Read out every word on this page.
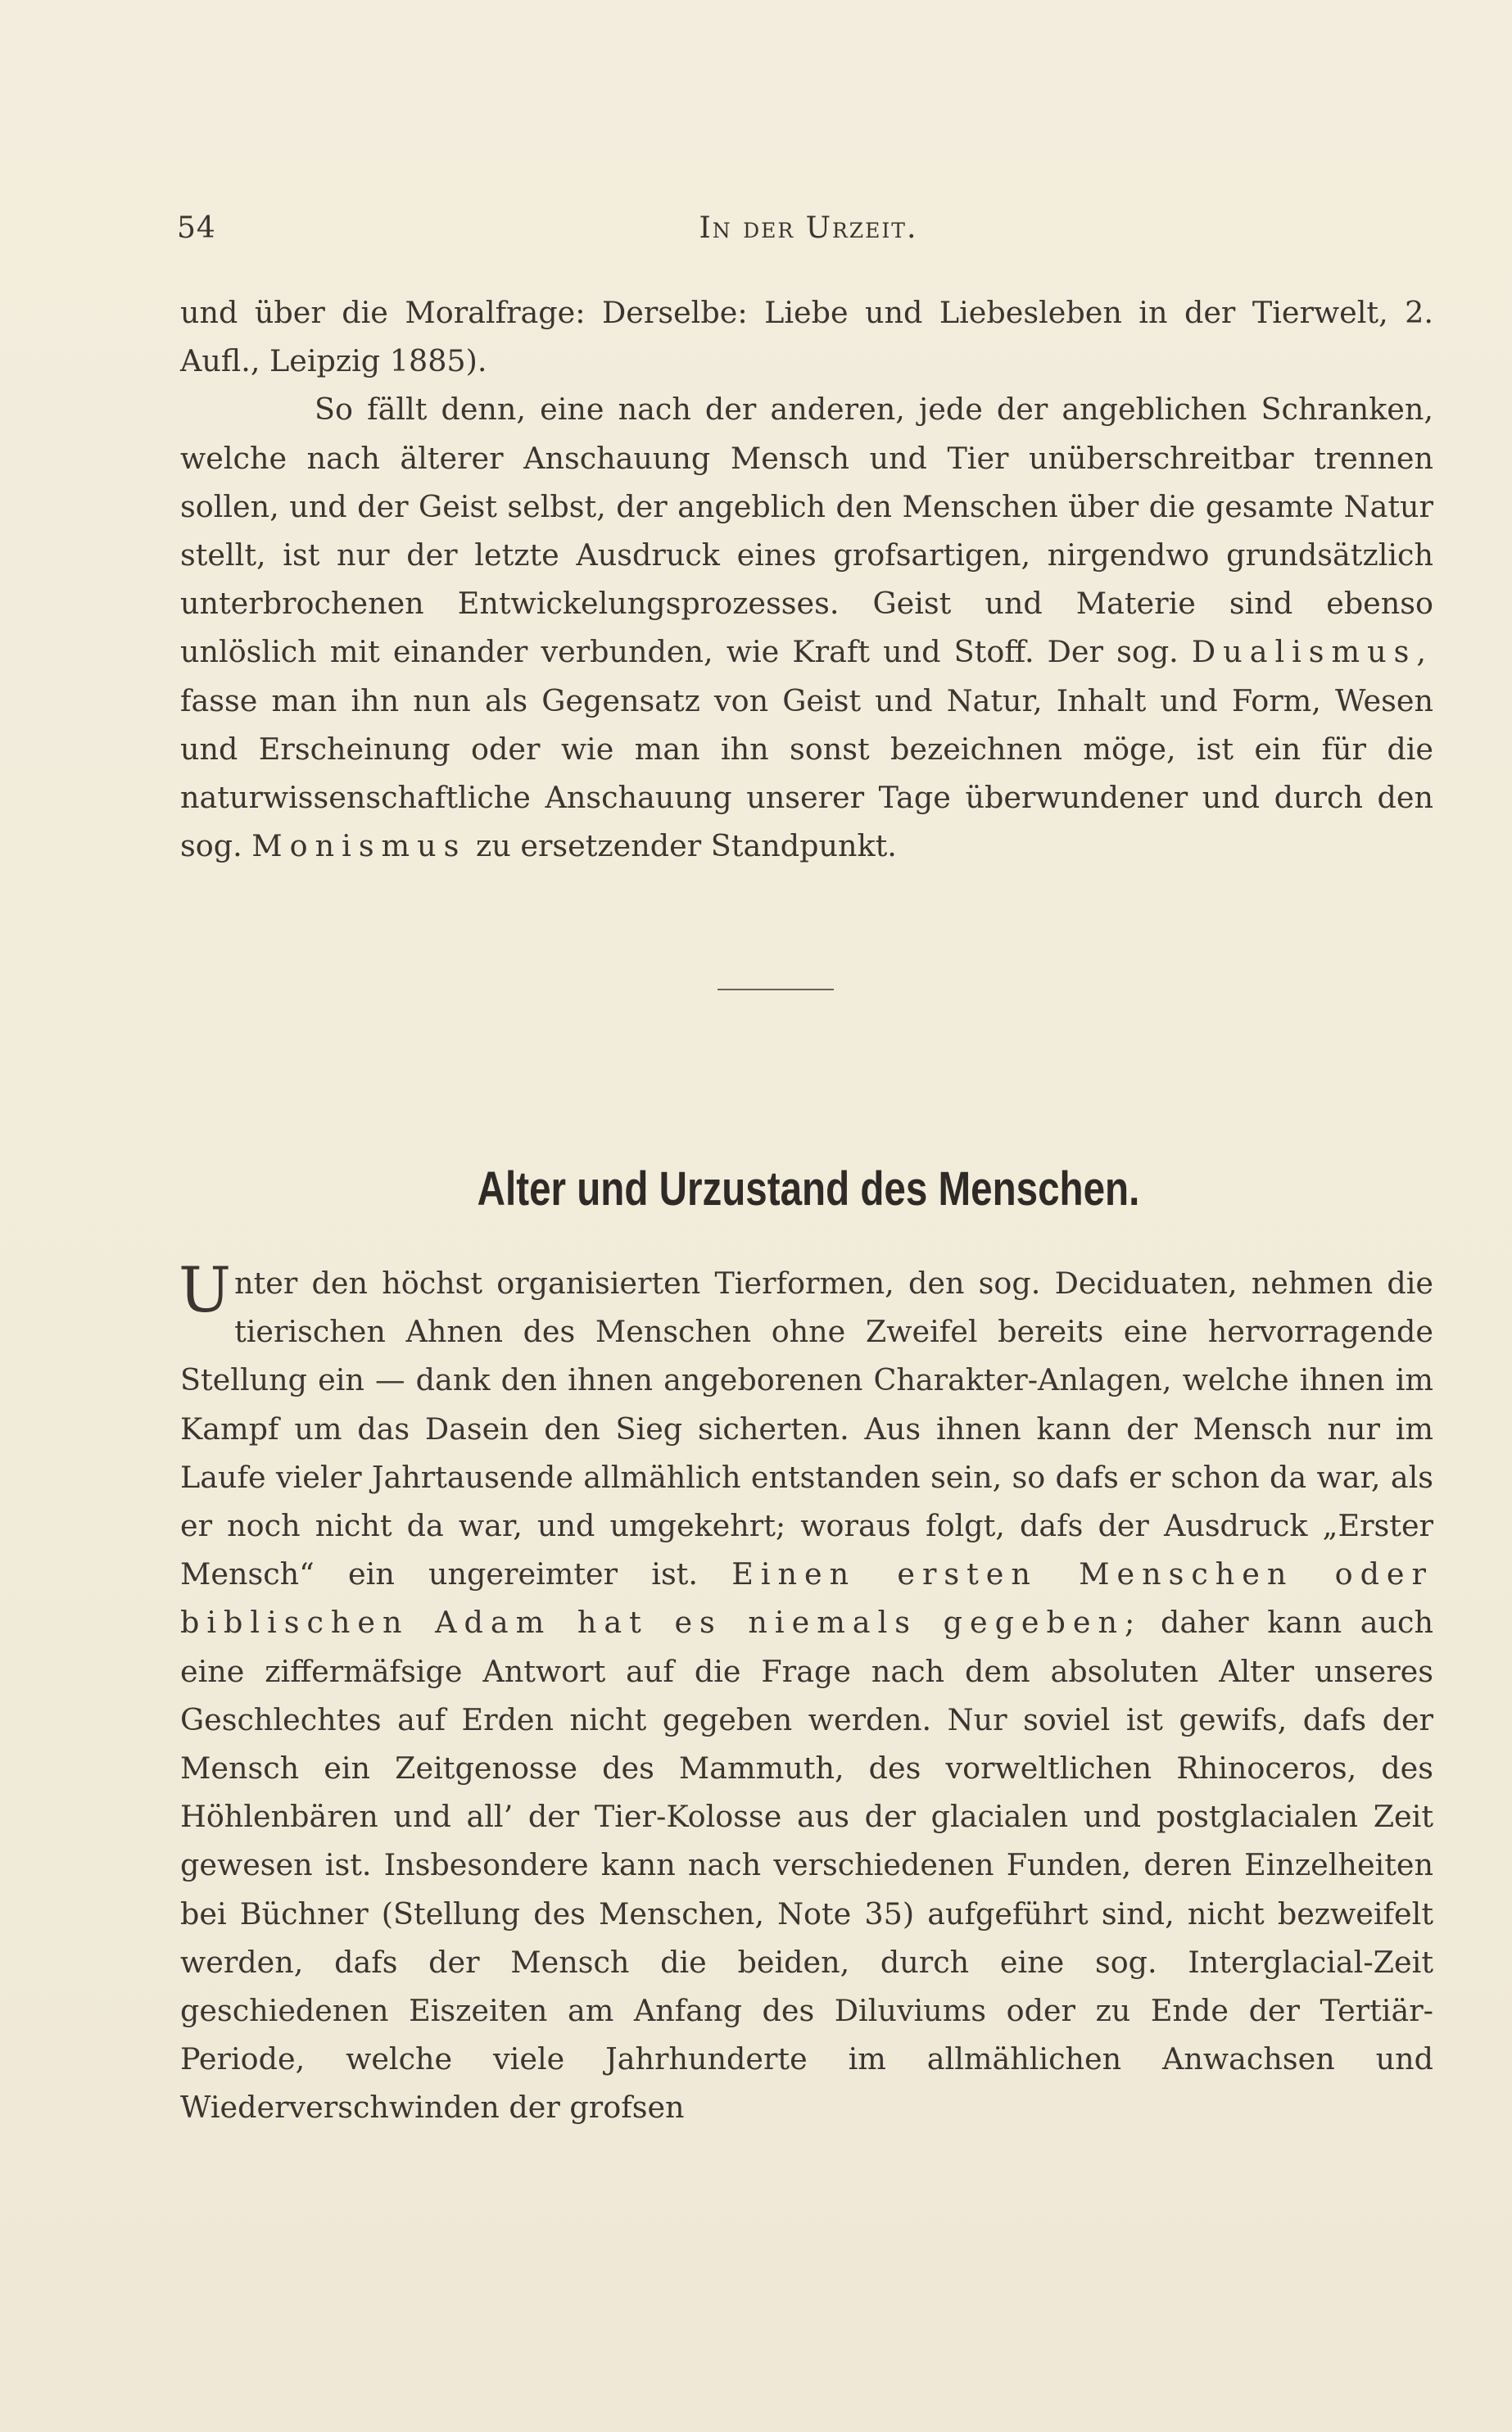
54	In der Urzeit.

und über die Moralfrage: Derselbe: Liebe und Liebesleben in der Tierwelt, 2. Aufl., Leipzig 1885).

So fällt denn, eine nach der anderen, jede der angeblichen Schranken, welche nach älterer Anschauung Mensch und Tier unüberschreitbar trennen sollen, und der Geist selbst, der angeblich den Menschen über die gesamte Natur stellt, ist nur der letzte Ausdruck eines grofsartigen, nirgendwo grundsätzlich unterbrochenen Entwickelungsprozesses. Geist und Materie sind ebenso unlöslich mit einander verbunden, wie Kraft und Stoff. Der sog. Dualismus, fasse man ihn nun als Gegensatz von Geist und Natur, Inhalt und Form, Wesen und Erscheinung oder wie man ihn sonst bezeichnen möge, ist ein für die naturwissenschaftliche Anschauung unserer Tage überwundener und durch den sog. Monismus zu ersetzender Standpunkt.

Alter und Urzustand des Menschen.

Unter den höchst organisierten Tierformen, den sog. Deciduaten, nehmen die tierischen Ahnen des Menschen ohne Zweifel bereits eine hervorragende Stellung ein — dank den ihnen angeborenen Charakter-Anlagen, welche ihnen im Kampf um das Dasein den Sieg sicherten. Aus ihnen kann der Mensch nur im Laufe vieler Jahrtausende allmählich entstanden sein, so dafs er schon da war, als er noch nicht da war, und umgekehrt; woraus folgt, dafs der Ausdruck „Erster Mensch“ ein ungereimter ist. Einen ersten Menschen oder biblischen Adam hat es niemals gegeben; daher kann auch eine ziffermäfsige Antwort auf die Frage nach dem absoluten Alter unseres Geschlechtes auf Erden nicht gegeben werden. Nur soviel ist gewifs, dafs der Mensch ein Zeitgenosse des Mammuth, des vorweltlichen Rhinoceros, des Höhlenbären und all’ der Tier-Kolosse aus der glacialen und postglacialen Zeit gewesen ist. Insbesondere kann nach verschiedenen Funden, deren Einzelheiten bei Büchner (Stellung des Menschen, Note 35) aufgeführt sind, nicht bezweifelt werden, dafs der Mensch die beiden, durch eine sog. Interglacial-Zeit geschiedenen Eiszeiten am Anfang des Diluviums oder zu Ende der Tertiär-Periode, welche viele Jahrhunderte im allmählichen Anwachsen und Wiederverschwinden der grofsen
